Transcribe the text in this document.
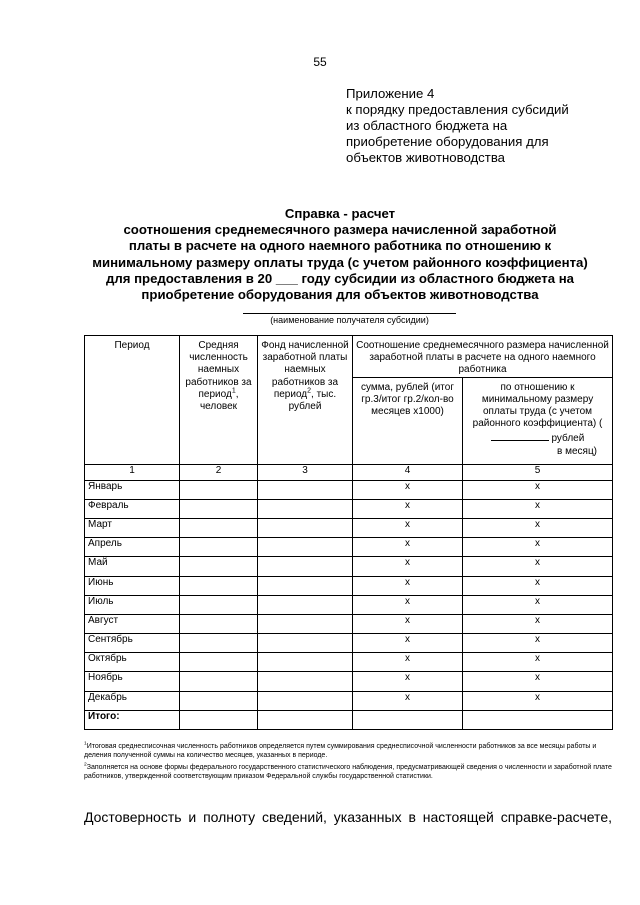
55
Приложение 4
к порядку предоставления субсидий
из областного бюджета на
приобретение оборудования для
объектов животноводства
Справка - расчет
соотношения среднемесячного размера начисленной заработной
платы в расчете на одного наемного работника по отношению к
минимальному размеру оплаты труда (с учетом районного коэффициента)
для предоставления в 20 ___ году субсидии из областного бюджета на
приобретение оборудования для объектов животноводства
(наименование получателя субсидии)
Период	Средняя численность наемных работников за период$^1$, человек	Фонд начисленной заработной платы наемных работников за период$^2$, тыс. рублей	Соотношение среднемесячного размера начисленной заработной платы в расчете на одного наемного работника	
			сумма, рублей (итог гр.3/итог гр.2/кол-во месяцев x1000)	по отношению к минимальному размеру оплаты труда (с учетом районного коэффициента) ( рублей

в месяц)

1	2	3	4	5
Январь			x	x
Февраль			x	x
Март			x	x
Апрель			x	x
Май			x	x
Июнь			x	x
Июль			x	x
Август			x	x
Сентябрь			x	x
Октябрь			x	x
Ноябрь			x	x
Декабрь			x	x
Итого:				

$^1$Итоговая среднесписочная численность работников определяется путем суммирования среднесписочной численности работников за все месяцы работы и деления полученной суммы на количество месяцев, указанных в периоде.

$^2$Заполняется на основе формы федерального государственного статистического наблюдения, предусматривающей сведения о численности и заработной плате работников, утвержденной соответствующим приказом Федеральной службы государственной статистики.

Достоверность и полноту сведений, указанных в настоящей справке-расчете,
